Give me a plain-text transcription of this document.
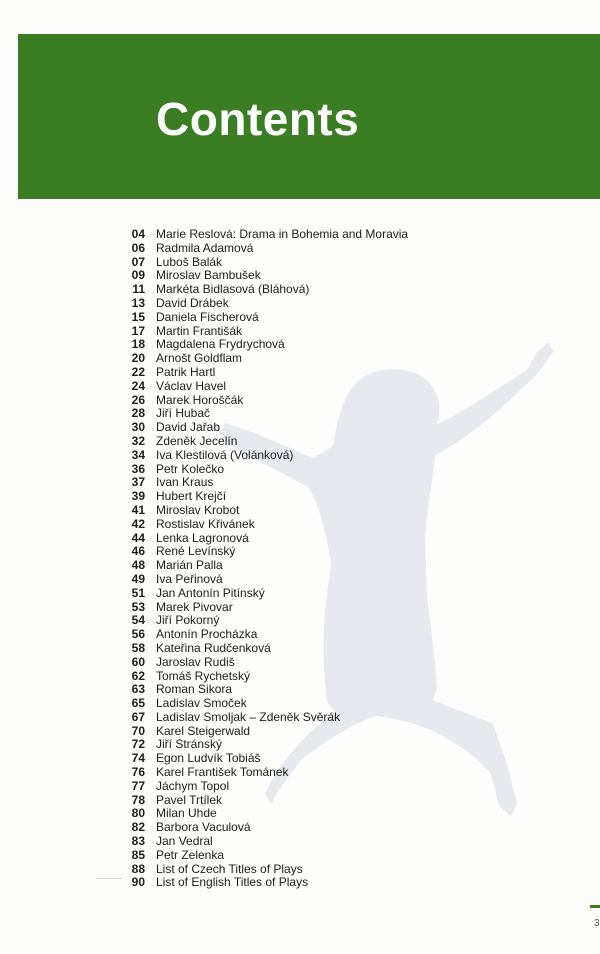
Contents
04 Marie Reslová: Drama in Bohemia and Moravia
06 Radmila Adamová
07 Luboš Balák
09 Miroslav Bambušek
11 Markéta Bidlasová (Bláhová)
13 David Drábek
15 Daniela Fischerová
17 Martin Františák
18 Magdalena Frydrychová
20 Arnošt Goldflam
22 Patrik Hartl
24 Václav Havel
26 Marek Horoščák
28 Jiří Hubač
30 David Jařab
32 Zdeněk Jecelín
34 Iva Klestilová (Volánková)
36 Petr Kolečko
37 Ivan Kraus
39 Hubert Krejčí
41 Miroslav Krobot
42 Rostislav Křivánek
44 Lenka Lagronová
46 René Levínský
48 Marián Palla
49 Iva Peřinová
51 Jan Antonín Pitínský
53 Marek Pivovar
54 Jiří Pokorný
56 Antonín Procházka
58 Kateřina Rudčenková
60 Jaroslav Rudiš
62 Tomáš Rychetský
63 Roman Sikora
65 Ladislav Smoček
67 Ladislav Smoljak – Zdeněk Svěrák
70 Karel Steigerwald
72 Jiří Stránský
74 Egon Ludvík Tobiáš
76 Karel František Tománek
77 Jáchym Topol
78 Pavel Trtílek
80 Milan Uhde
82 Barbora Vaculová
83 Jan Vedral
85 Petr Zelenka
88 List of Czech Titles of Plays
90 List of English Titles of Plays
3
